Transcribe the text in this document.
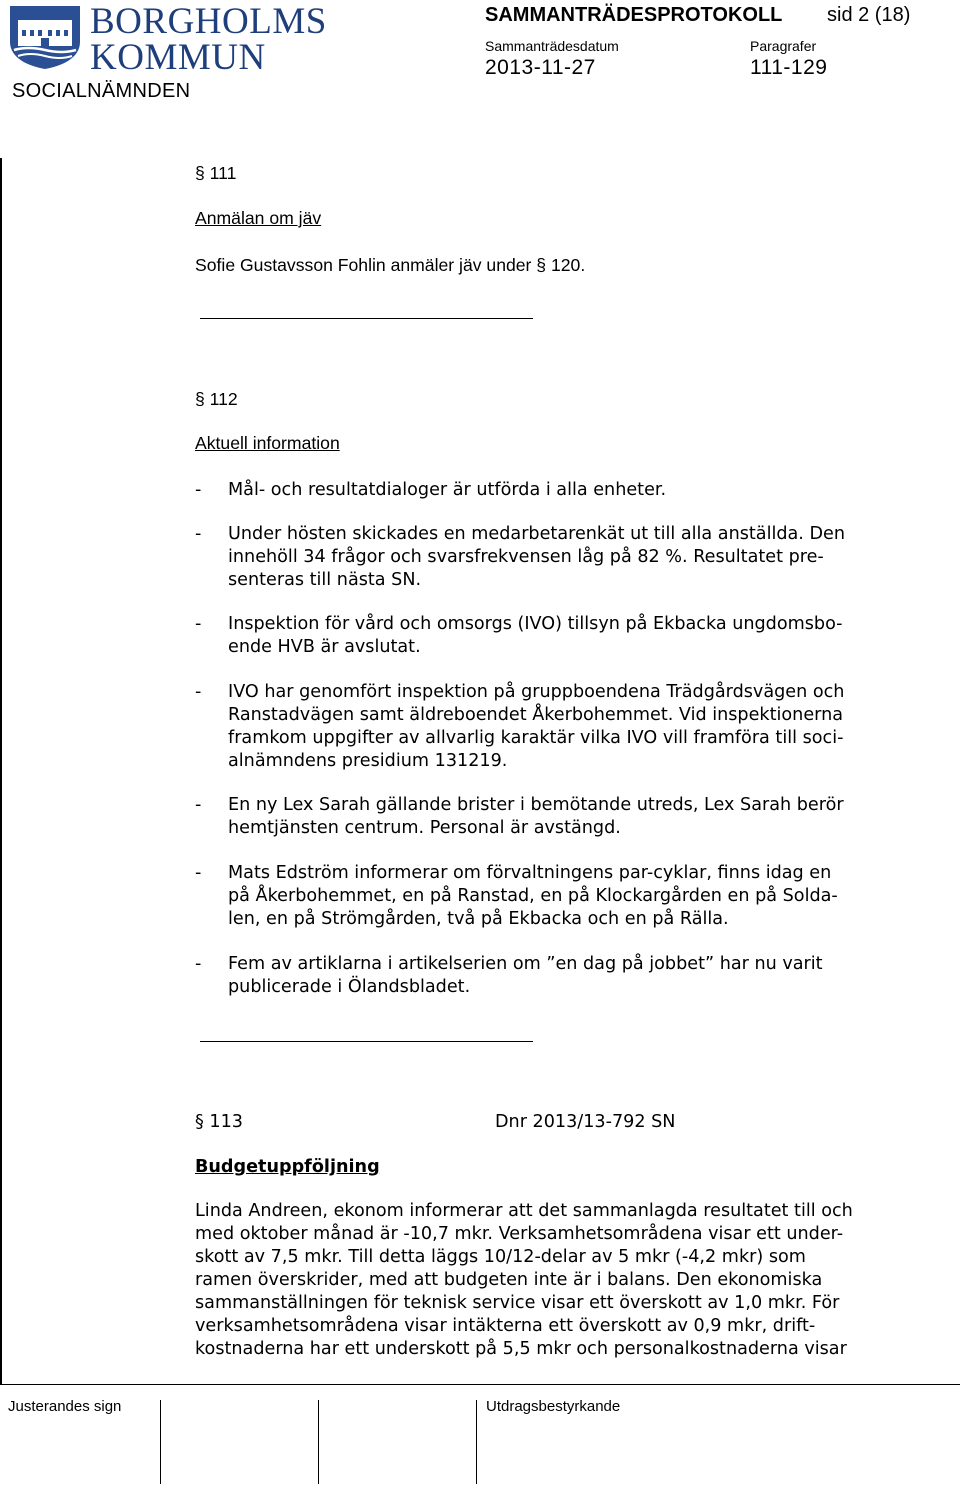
BORGHOLMS
KOMMUN
SOCIALNÄMNDEN
SAMMANTRÄDESPROTOKOLL sid 2 (18)
Sammanträdesdatum	Paragrafer
2013-11-27	111-129
§ 111
Anmälan om jäv
Sofie Gustavsson Fohlin anmäler jäv under § 120.
§ 112
Aktuell information
- Mål- och resultatdialoger är utförda i alla enheter.
- Under hösten skickades en medarbetarenkät ut till alla anställda. Den
innehöll 34 frågor och svarsfrekvensen låg på 82 %. Resultatet pre-
senteras till nästa SN.
- Inspektion för vård och omsorgs (IVO) tillsyn på Ekbacka ungdomsbo-
ende HVB är avslutat.
- IVO har genomfört inspektion på gruppboendena Trädgårdsvägen och
Ranstadvägen samt äldreboendet Åkerbohemmet. Vid inspektionerna
framkom uppgifter av allvarlig karaktär vilka IVO vill framföra till soci-
alnämndens presidium 131219.
- En ny Lex Sarah gällande brister i bemötande utreds, Lex Sarah berör
hemtjänsten centrum. Personal är avstängd.
- Mats Edström informerar om förvaltningens par-cyklar, finns idag en
på Åkerbohemmet, en på Ranstad, en på Klockargården en på Solda-
len, en på Strömgården, två på Ekbacka och en på Rälla.
- Fem av artiklarna i artikelserien om ”en dag på jobbet” har nu varit
publicerade i Ölandsbladet.
§ 113	Dnr 2013/13-792 SN
Budgetuppföljning
Linda Andreen, ekonom informerar att det sammanlagda resultatet till och
med oktober månad är -10,7 mkr. Verksamhetsområdena visar ett under-
skott av 7,5 mkr. Till detta läggs 10/12-delar av 5 mkr (-4,2 mkr) som
ramen överskrider, med att budgeten inte är i balans. Den ekonomiska
sammanställningen för teknisk service visar ett överskott av 1,0 mkr. För
verksamhetsområdena visar intäkterna ett överskott av 0,9 mkr, drift-
kostnaderna har ett underskott på 5,5 mkr och personalkostnaderna visar
Justerandes sign	Utdragsbestyrkande
